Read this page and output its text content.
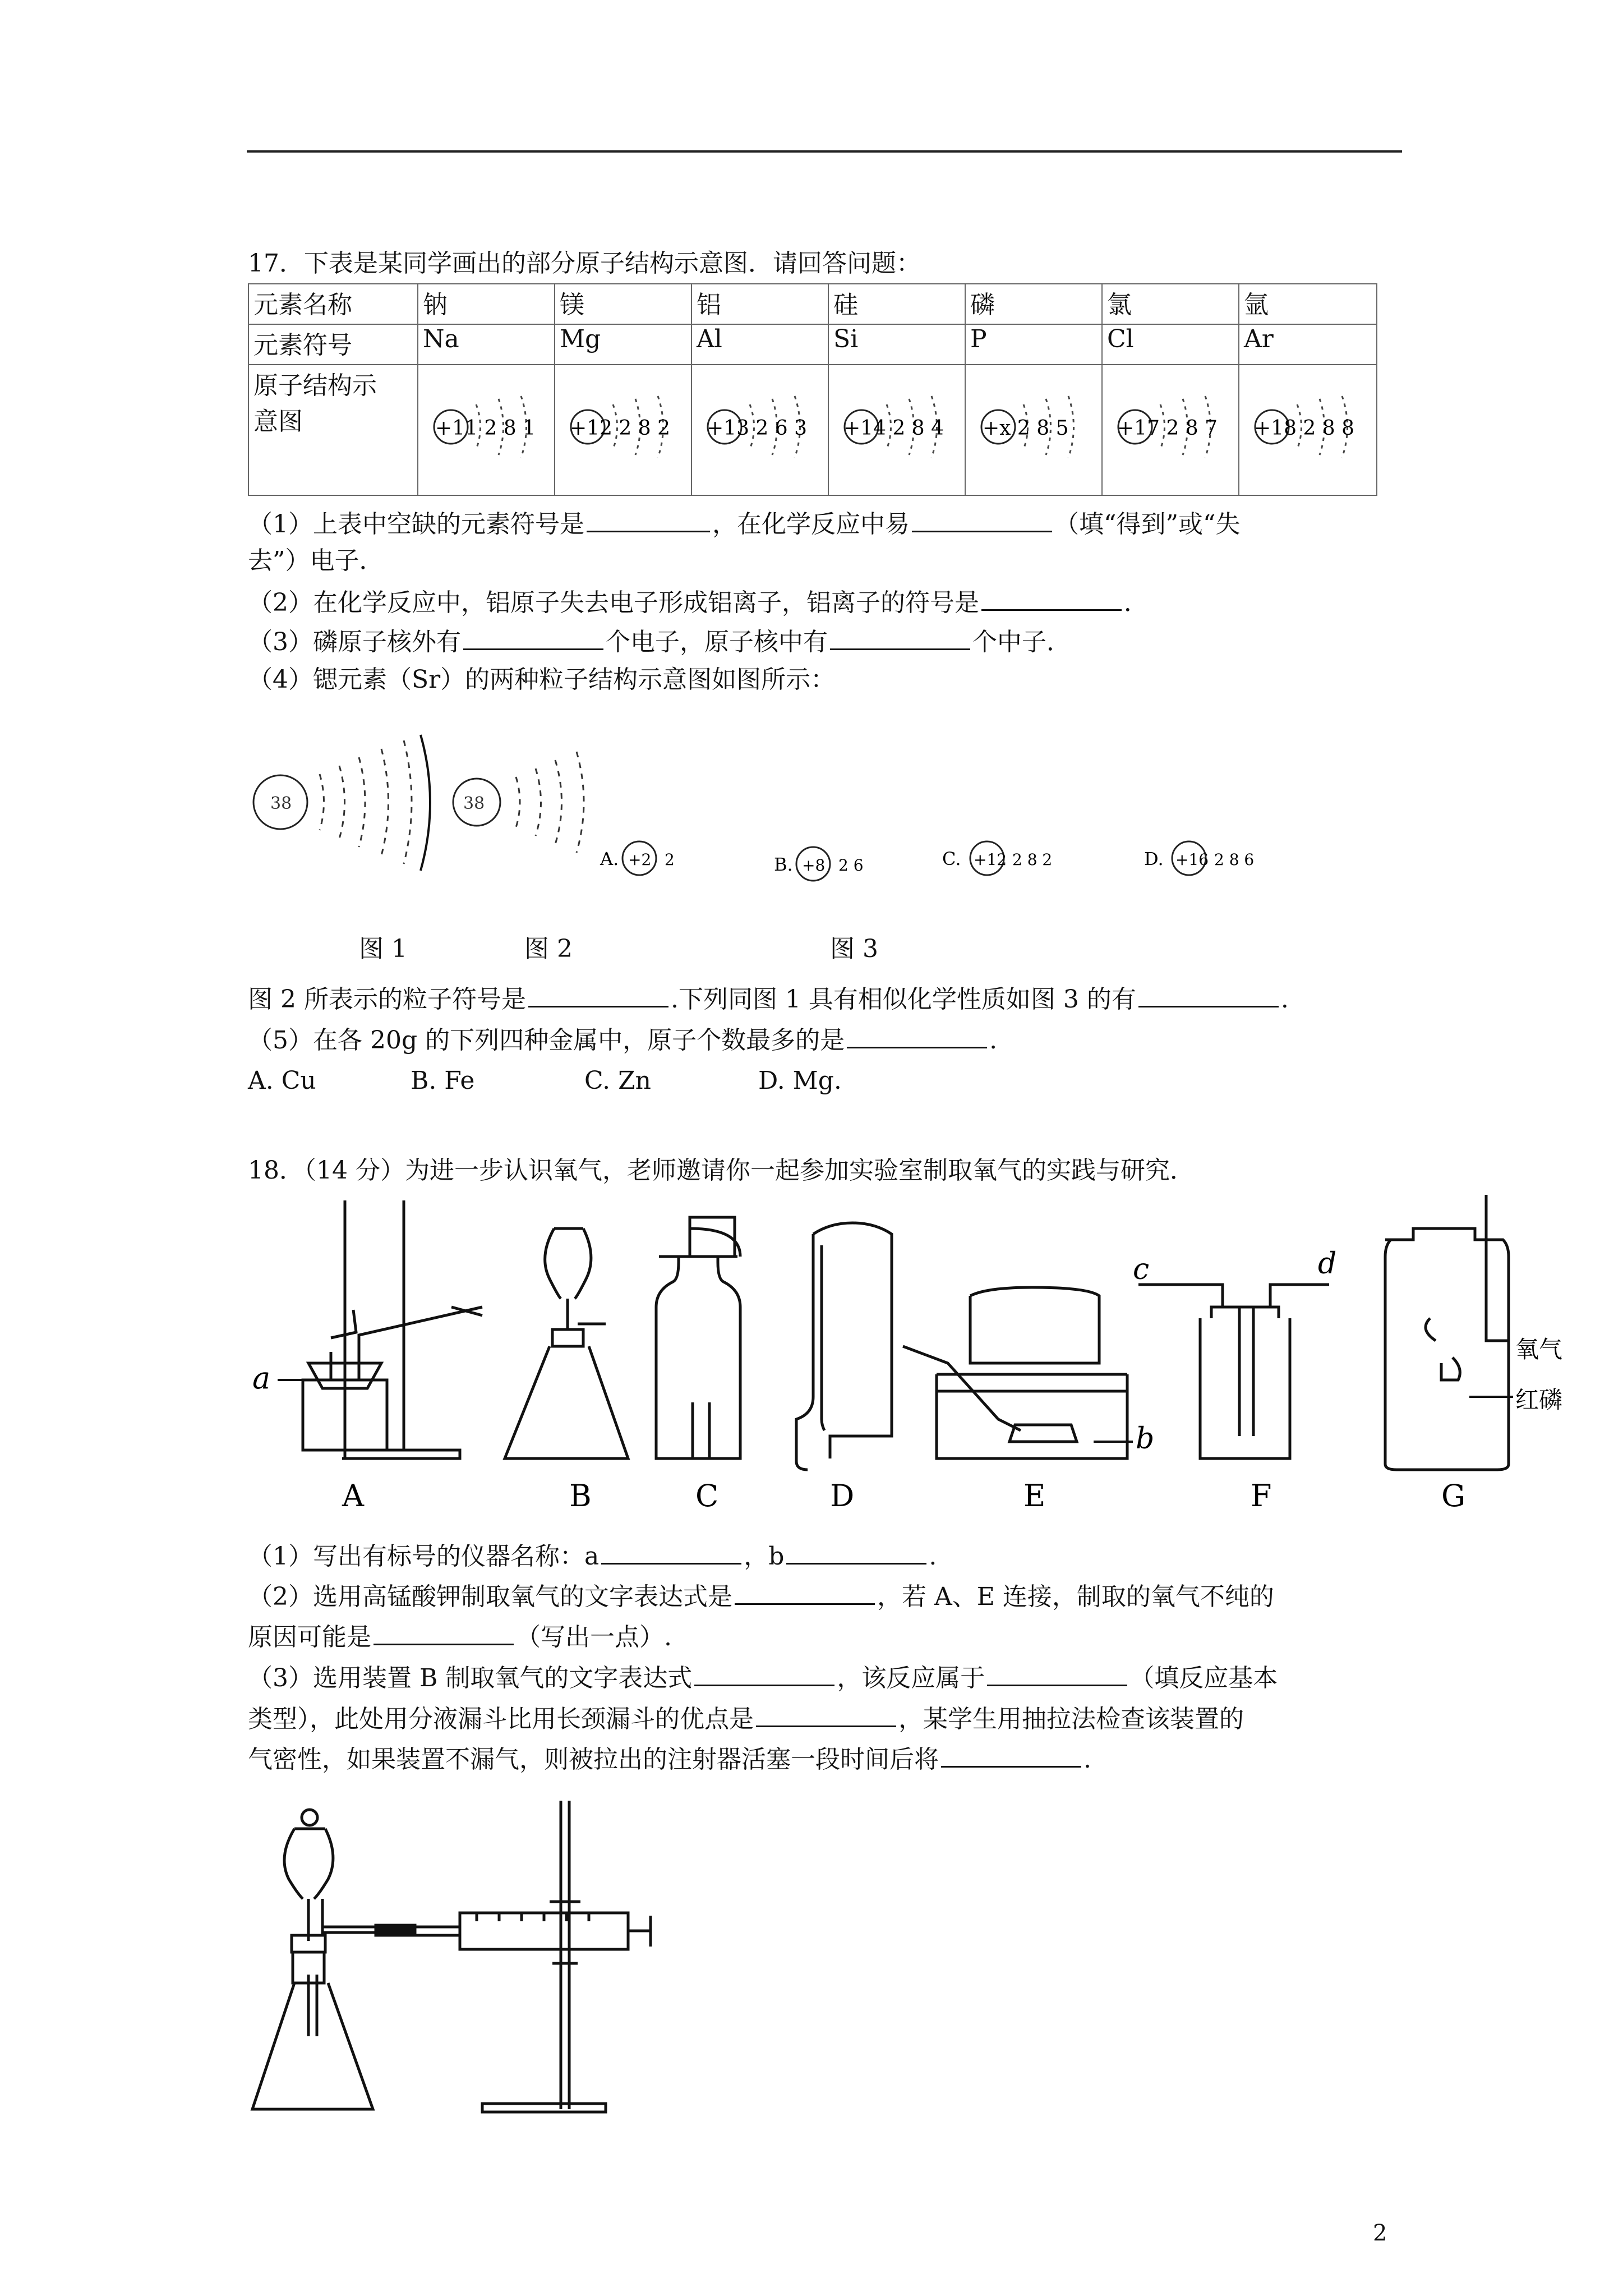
17．下表是某同学画出的部分原子结构示意图．请回答问题：
元素名称	钠	镁	铝	硅	磷	氯	氩
元素符号	Na	Mg	Al	Si	P	Cl	Ar
原子结构示
意图	+11 2 8 1	+12 2 8 2	+13 2 6 3	+14 2 8 4	+x 2 8 5	+17 2 8 7	+18 2 8 8
（1）上表中空缺的元素符号是	，在化学反应中易	（填“得到”或“失
去”）电子．
（2）在化学反应中，铝原子失去电子形成铝离子，铝离子的符号是	．
（3）磷原子核外有	个电子，原子核中有	个中子．
（4）锶元素（Sr）的两种粒子结构示意图如图所示：
38	38
A. +2 2	B. +8 2 6	C. +12 2 8 2	D. +16 2 8 6
图 1	图 2	图 3
图 2 所表示的粒子符号是	.下列同图 1 具有相似化学性质如图 3 的有	.
（5）在各 20g 的下列四种金属中，原子个数最多的是	.
A. Cu	B. Fe	C. Zn	D. Mg.
18．（14 分）为进一步认识氧气，老师邀请你一起参加实验室制取氧气的实践与研究．
a
b
c	d
氧气
红磷
A	B	C	D	E	F	G
（1）写出有标号的仪器名称：a	，b	.
（2）选用高锰酸钾制取氧气的文字表达式是	，若 A、E 连接，制取的氧气不纯的
原因可能是	（写出一点）.
（3）选用装置 B 制取氧气的文字表达式	，该反应属于	（填反应基本
类型），此处用分液漏斗比用长颈漏斗的优点是	，某学生用抽拉法检查该装置的
气密性，如果装置不漏气，则被拉出的注射器活塞一段时间后将	.
2
